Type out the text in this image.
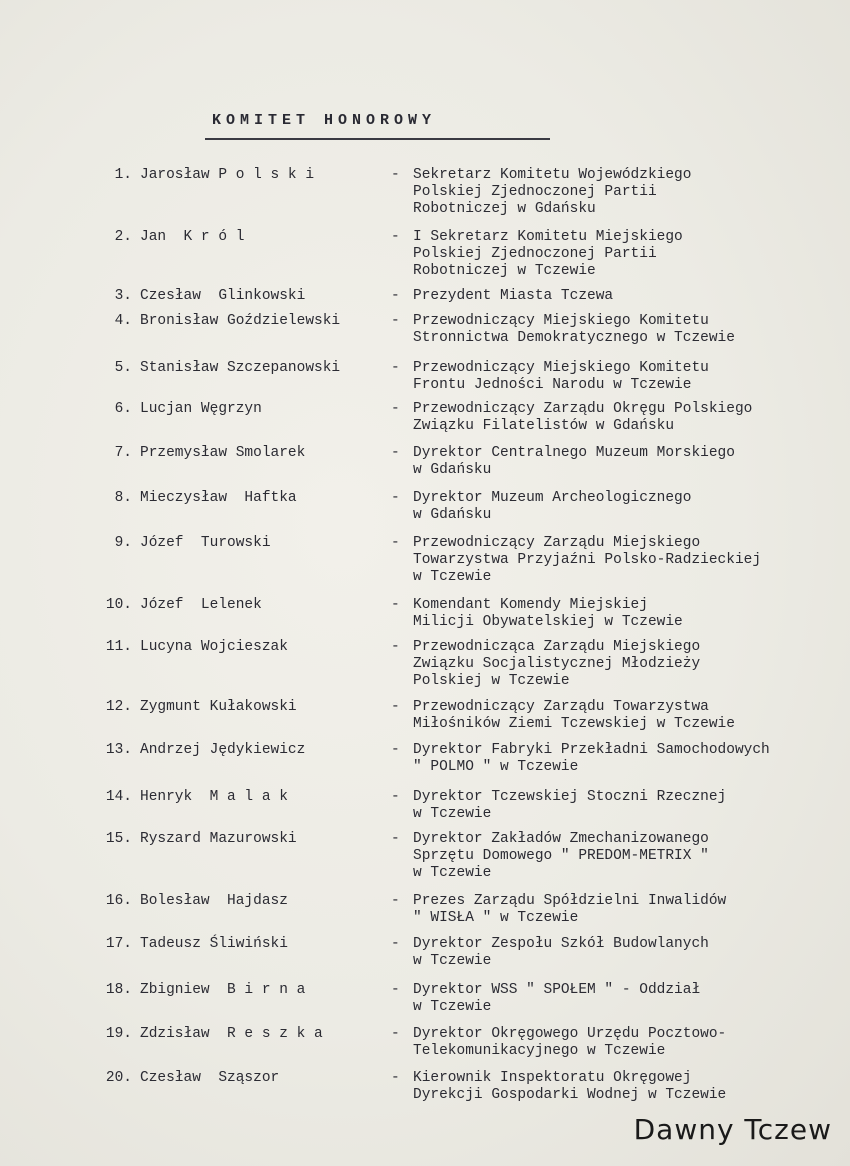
KOMITET HONOROWY
1. Jarosław P o l s k i	- Sekretarz Komitetu Wojewódzkiego
Polskiej Zjednoczonej Partii
Robotniczej w Gdańsku
2. Jan  K r ó l	- I Sekretarz Komitetu Miejskiego
Polskiej Zjednoczonej Partii
Robotniczej w Tczewie
3. Czesław  Glinkowski	- Prezydent Miasta Tczewa
4. Bronisław Goździelewski	- Przewodniczący Miejskiego Komitetu
Stronnictwa Demokratycznego w Tczewie
5. Stanisław Szczepanowski	- Przewodniczący Miejskiego Komitetu
Frontu Jedności Narodu w Tczewie
6. Lucjan Węgrzyn	- Przewodniczący Zarządu Okręgu Polskiego
Związku Filatelistów w Gdańsku
7. Przemysław Smolarek	- Dyrektor Centralnego Muzeum Morskiego
w Gdańsku
8. Mieczysław  Haftka	- Dyrektor Muzeum Archeologicznego
w Gdańsku
9. Józef  Turowski	- Przewodniczący Zarządu Miejskiego
Towarzystwa Przyjaźni Polsko-Radzieckiej
w Tczewie
10. Józef  Lelenek	- Komendant Komendy Miejskiej
Milicji Obywatelskiej w Tczewie
11. Lucyna Wojcieszak	- Przewodnicząca Zarządu Miejskiego
Związku Socjalistycznej Młodzieży
Polskiej w Tczewie
12. Zygmunt Kułakowski	- Przewodniczący Zarządu Towarzystwa
Miłośników Ziemi Tczewskiej w Tczewie
13. Andrzej Jędykiewicz	- Dyrektor Fabryki Przekładni Samochodowych
" POLMO " w Tczewie
14. Henryk  M a l a k	- Dyrektor Tczewskiej Stoczni Rzecznej
w Tczewie
15. Ryszard Mazurowski	- Dyrektor Zakładów Zmechanizowanego
Sprzętu Domowego " PREDOM-METRIX "
w Tczewie
16. Bolesław  Hajdasz	- Prezes Zarządu Spółdzielni Inwalidów
" WISŁA " w Tczewie
17. Tadeusz Śliwiński	- Dyrektor Zespołu Szkół Budowlanych
w Tczewie
18. Zbigniew  B i r n a	- Dyrektor WSS " SPOŁEM " - Oddział
w Tczewie
19. Zdzisław  R e s z k a	- Dyrektor Okręgowego Urzędu Pocztowo-
Telekomunikacyjnego w Tczewie
20. Czesław  Sząszor	- Kierownik Inspektoratu Okręgowej
Dyrekcji Gospodarki Wodnej w Tczewie
Dawny Tczew
